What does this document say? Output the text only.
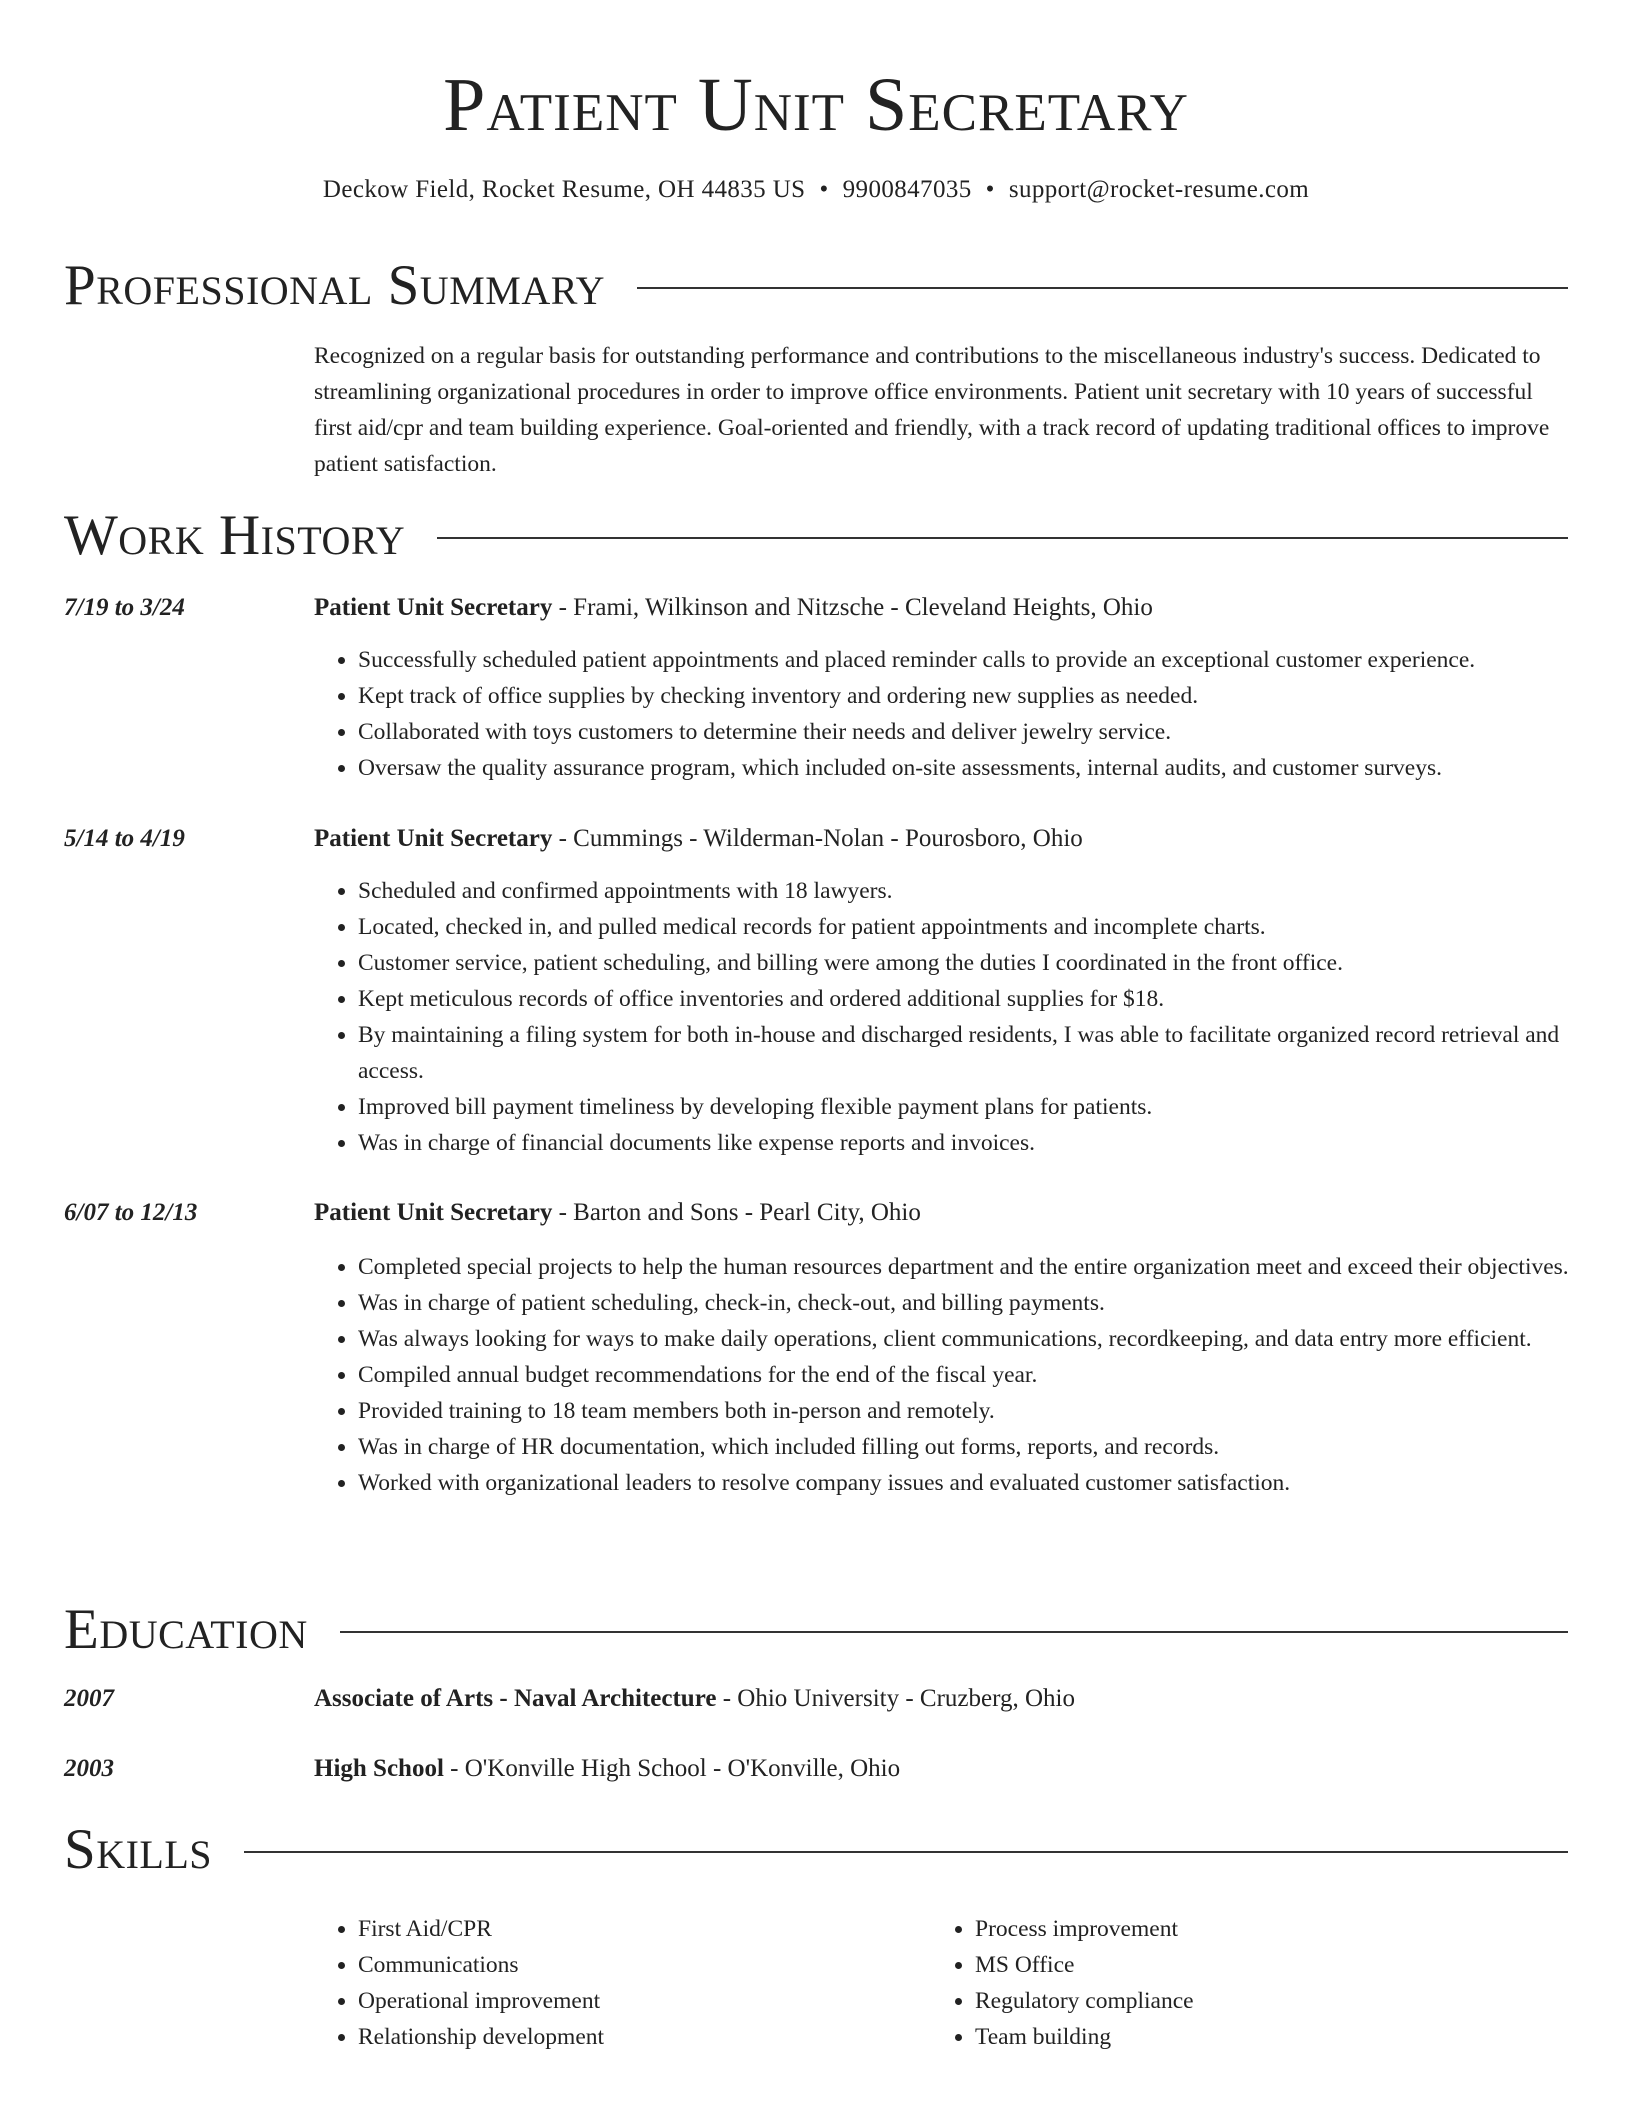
Patient Unit Secretary
Deckow Field, Rocket Resume, OH 44835 US • 9900847035 • support@rocket-resume.com
Professional Summary

Recognized on a regular basis for outstanding performance and contributions to the miscellaneous industry's success. Dedicated to streamlining organizational procedures in order to improve office environments. Patient unit secretary with 10 years of successful first aid/cpr and team building experience. Goal-oriented and friendly, with a track record of updating traditional offices to improve patient satisfaction.

Work History
7/19 to 3/24	Patient Unit Secretary - Frami, Wilkinson and Nitzsche - Cleveland Heights, Ohio

• Successfully scheduled patient appointments and placed reminder calls to provide an exceptional customer experience.
• Kept track of office supplies by checking inventory and ordering new supplies as needed.
• Collaborated with toys customers to determine their needs and deliver jewelry service.
• Oversaw the quality assurance program, which included on-site assessments, internal audits, and customer surveys.
5/14 to 4/19	Patient Unit Secretary - Cummings - Wilderman-Nolan - Pourosboro, Ohio

• Scheduled and confirmed appointments with 18 lawyers.
• Located, checked in, and pulled medical records for patient appointments and incomplete charts.
• Customer service, patient scheduling, and billing were among the duties I coordinated in the front office.
• Kept meticulous records of office inventories and ordered additional supplies for $18.
• By maintaining a filing system for both in-house and discharged residents, I was able to facilitate organized record retrieval and access.
• Improved bill payment timeliness by developing flexible payment plans for patients.
• Was in charge of financial documents like expense reports and invoices.
6/07 to 12/13	Patient Unit Secretary - Barton and Sons - Pearl City, Ohio

• Completed special projects to help the human resources department and the entire organization meet and exceed their objectives.
• Was in charge of patient scheduling, check-in, check-out, and billing payments.
• Was always looking for ways to make daily operations, client communications, recordkeeping, and data entry more efficient.
• Compiled annual budget recommendations for the end of the fiscal year.
• Provided training to 18 team members both in-person and remotely.
• Was in charge of HR documentation, which included filling out forms, reports, and records.
• Worked with organizational leaders to resolve company issues and evaluated customer satisfaction.
Education
2007	Associate of Arts - Naval Architecture - Ohio University - Cruzberg, Ohio

2003	High School - O'Konville High School - O'Konville, Ohio

Skills
• First Aid/CPR
• Communications
• Operational improvement
• Relationship development
• Process improvement
• MS Office
• Regulatory compliance
• Team building
